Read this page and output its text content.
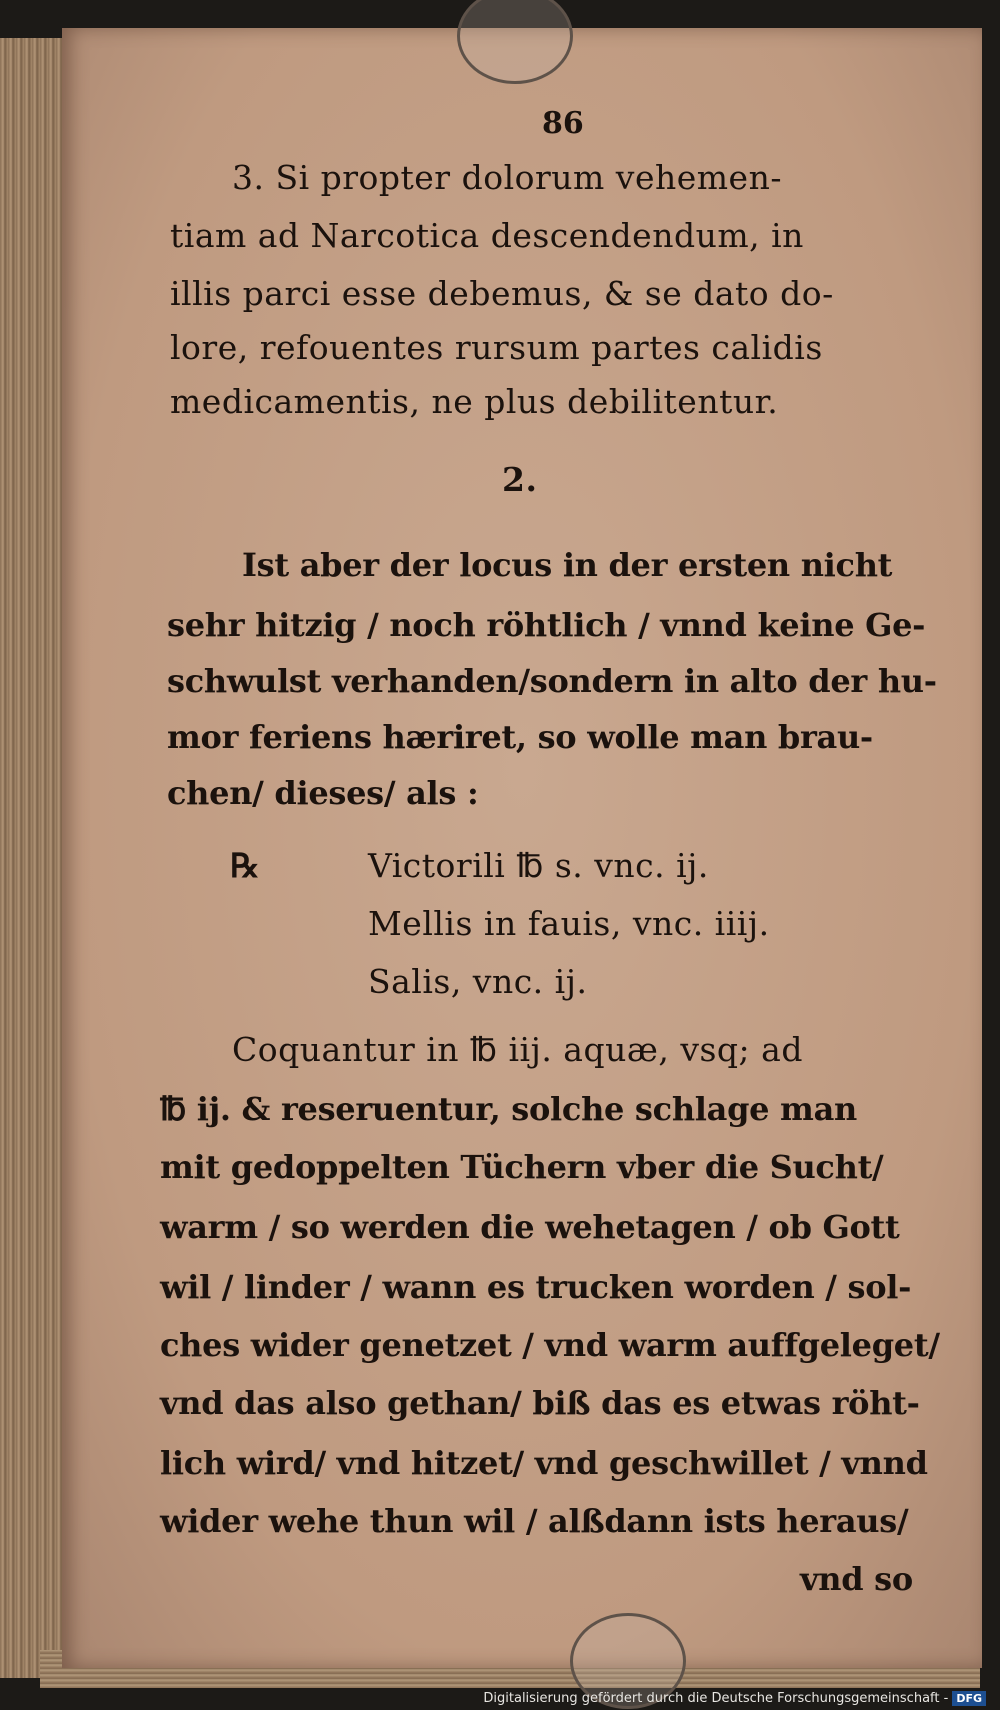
86
3. Si propter dolorum vehemen-
tiam ad Narcotica descendendum, in
illis parci esse debemus, & se dato do-
lore, refouentes rursum partes calidis
medicamentis, ne plus debilitentur.
2.
Ist aber der locus in der ersten nicht
sehr hitzig / noch röhtlich / vnnd keine Ge-
schwulst verhanden/sondern in alto der hu-
mor feriens hæriret, so wolle man brau-
chen/ dieses/ als :
℞	Victorili ℔ s. vnc. ij.
Mellis in fauis, vnc. iiij.
Salis, vnc. ij.
Coquantur in ℔ iij. aquæ, vsq; ad
℔ ij. & reseruentur, solche schlage man
mit gedoppelten Tüchern vber die Sucht/
warm / so werden die wehetagen / ob Gott
wil / linder / wann es trucken worden / sol-
ches wider genetzet / vnd warm auffgeleget/
vnd das also gethan/ biß das es etwas röht-
lich wird/ vnd hitzet/ vnd geschwillet / vnnd
wider wehe thun wil / alßdann ists heraus/
vnd so
Digitalisierung gefördert durch die Deutsche Forschungsgemeinschaft - DFG
